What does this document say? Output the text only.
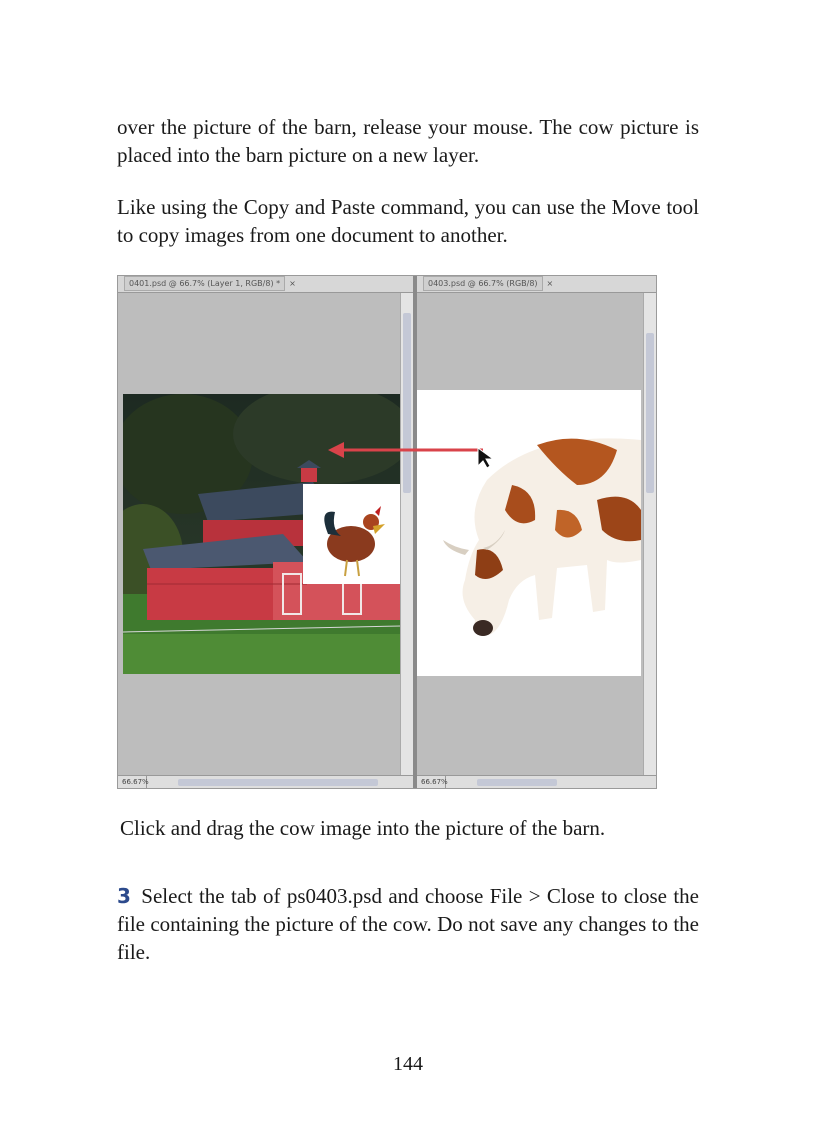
over the picture of the barn, release your mouse. The cow picture is placed into the barn picture on a new layer.

Like using the Copy and Paste command, you can use the Move tool to copy images from one document to another.

0401.psd @ 66.7% (Layer 1, RGB/8) * ×
66.67%
0403.psd @ 66.7% (RGB/8) ×
66.67%

Click and drag the cow image into the picture of the barn.

3 Select the tab of ps0403.psd and choose File > Close to close the file containing the picture of the cow. Do not save any changes to the file.

144
